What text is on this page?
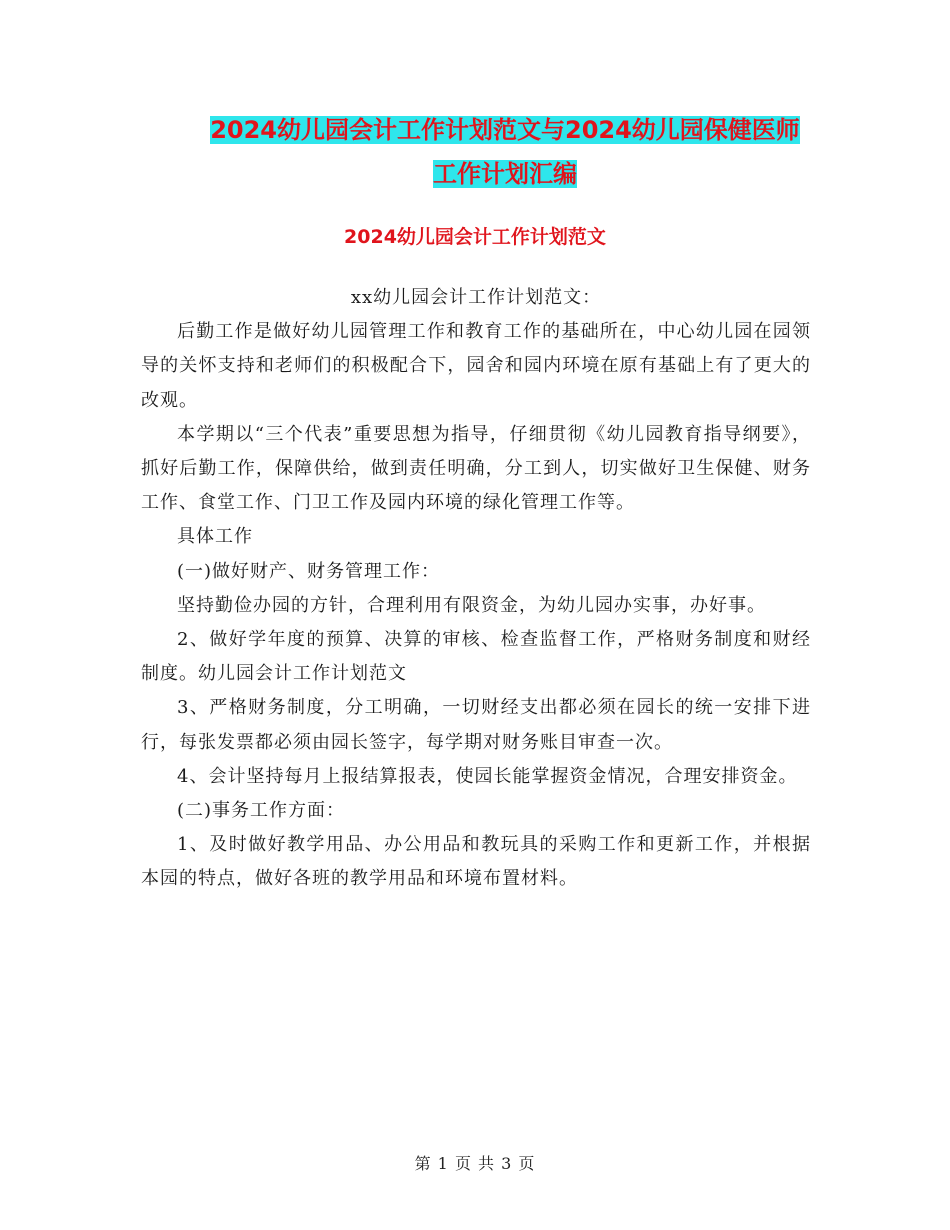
2024幼儿园会计工作计划范文与2024幼儿园保健医师
工作计划汇编
2024幼儿园会计工作计划范文

xx幼儿园会计工作计划范文：

后勤工作是做好幼儿园管理工作和教育工作的基础所在，中心幼儿园在园领导的关怀支持和老师们的积极配合下，园舍和园内环境在原有基础上有了更大的改观。

本学期以“三个代表”重要思想为指导，仔细贯彻《幼儿园教育指导纲要》，抓好后勤工作，保障供给，做到责任明确，分工到人，切实做好卫生保健、财务工作、食堂工作、门卫工作及园内环境的绿化管理工作等。

具体工作

(一)做好财产、财务管理工作：

坚持勤俭办园的方针，合理利用有限资金，为幼儿园办实事，办好事。

2、做好学年度的预算、决算的审核、检查监督工作，严格财务制度和财经制度。幼儿园会计工作计划范文

3、严格财务制度，分工明确，一切财经支出都必须在园长的统一安排下进行，每张发票都必须由园长签字，每学期对财务账目审查一次。

4、会计坚持每月上报结算报表，使园长能掌握资金情况，合理安排资金。

(二)事务工作方面：

1、及时做好教学用品、办公用品和教玩具的采购工作和更新工作，并根据本园的特点，做好各班的教学用品和环境布置材料。

第 1 页 共 3 页
